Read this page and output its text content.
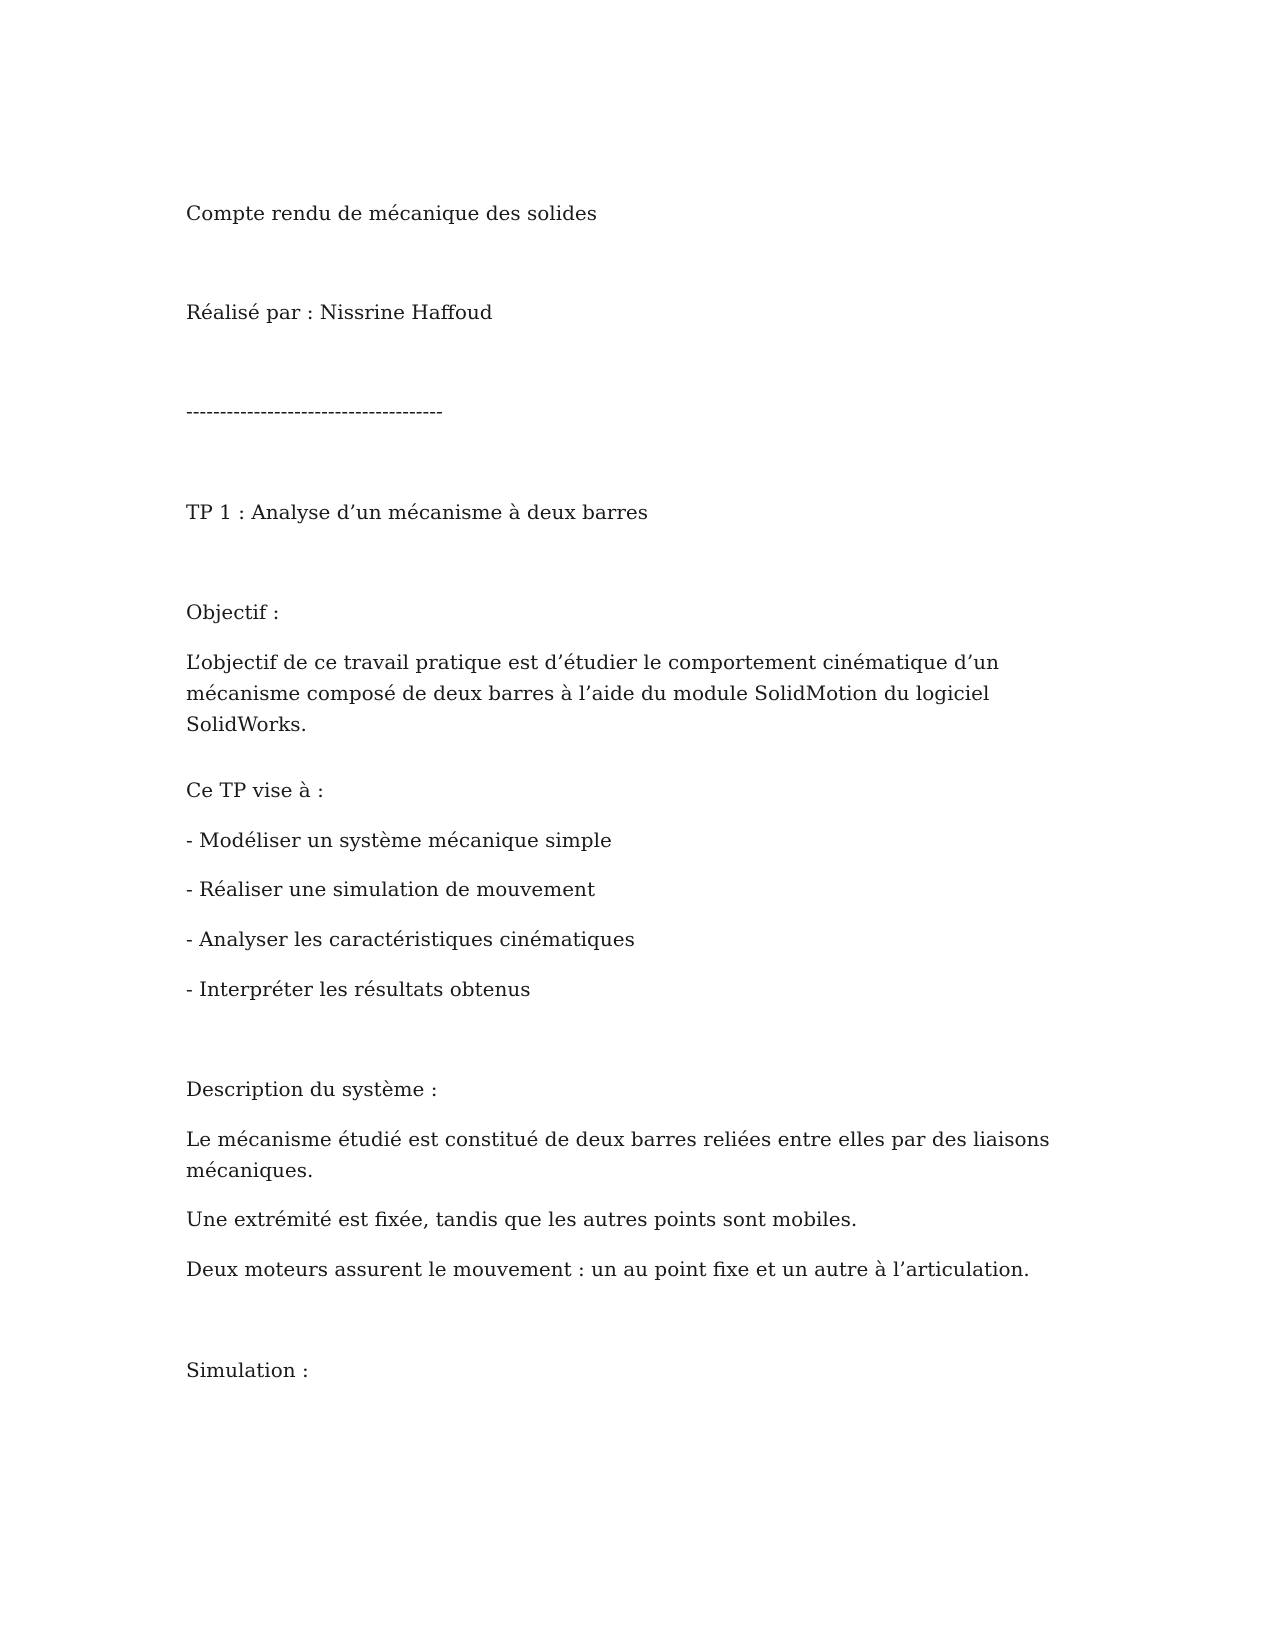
Compte rendu de mécanique des solides
Réalisé par : Nissrine Haffoud
--------------------------------------
TP 1 : Analyse d’un mécanisme à deux barres
Objectif :
L’objectif de ce travail pratique est d’étudier le comportement cinématique d’un mécanisme composé de deux barres à l’aide du module SolidMotion du logiciel SolidWorks.
Ce TP vise à :
- Modéliser un système mécanique simple
- Réaliser une simulation de mouvement
- Analyser les caractéristiques cinématiques
- Interpréter les résultats obtenus
Description du système :
Le mécanisme étudié est constitué de deux barres reliées entre elles par des liaisons mécaniques.
Une extrémité est fixée, tandis que les autres points sont mobiles.
Deux moteurs assurent le mouvement : un au point fixe et un autre à l’articulation.
Simulation :
